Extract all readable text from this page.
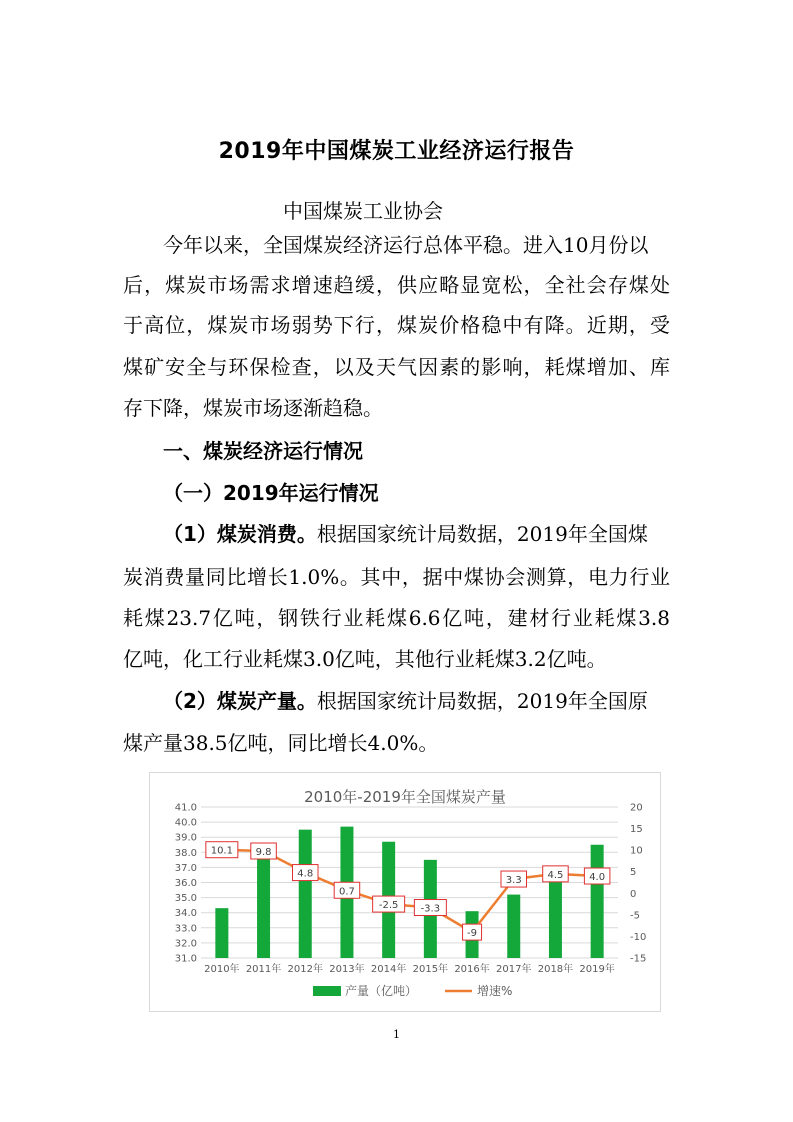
2019年中国煤炭工业经济运行报告
中国煤炭工业协会
今年以来，全国煤炭经济运行总体平稳。进入10月份以
后，煤炭市场需求增速趋缓，供应略显宽松，全社会存煤处
于高位，煤炭市场弱势下行，煤炭价格稳中有降。近期，受
煤矿安全与环保检查，以及天气因素的影响，耗煤增加、库
存下降，煤炭市场逐渐趋稳。
一、煤炭经济运行情况
（一）2019年运行情况
（1）煤炭消费。根据国家统计局数据，2019年全国煤
炭消费量同比增长1.0%。其中，据中煤协会测算，电力行业
耗煤23.7亿吨，钢铁行业耗煤6.6亿吨，建材行业耗煤3.8
亿吨，化工行业耗煤3.0亿吨，其他行业耗煤3.2亿吨。
（2）煤炭产量。根据国家统计局数据，2019年全国原
煤产量38.5亿吨，同比增长4.0%。
2010年-2019年全国煤炭产量
10.1 9.8
4.8
0.7
-2.5 -3.3
-9
3.3	4.5	4.0
31.0
32.0
33.0
34.0
35.0
36.0
37.0
38.0
39.0
40.0
41.0
-15
-10
-5
0
5
10
15
20
2010年 2011年 2012年 2013年 2014年 2015年 2016年 2017年 2018年 2019年
产量（亿吨）	增速%
1
